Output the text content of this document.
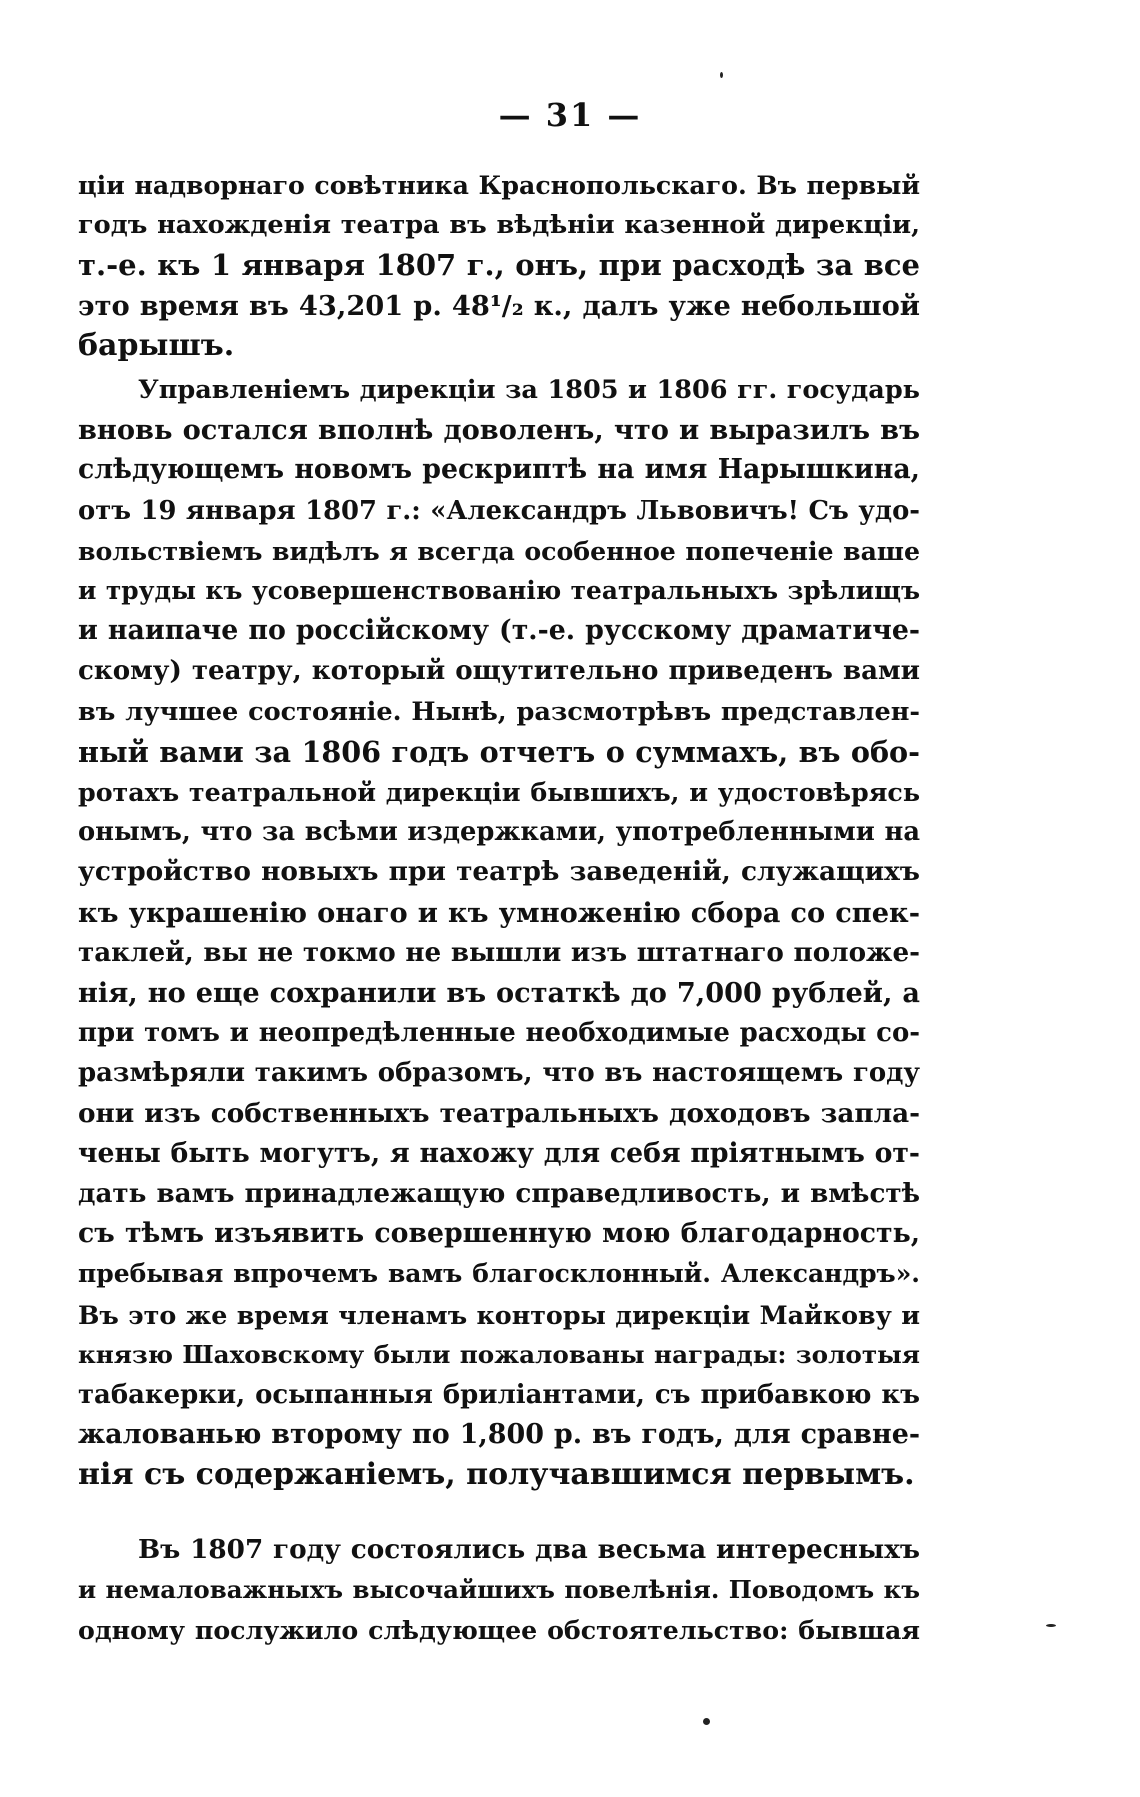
— 31 —
ціи надворнаго совѣтника Краснопольскаго. Въ первый
годъ нахожденія театра въ вѣдѣніи казенной дирекціи,
т.-е. къ 1 января 1807 г., онъ, при расходѣ за все
это время въ 43,201 р. 48¹/₂ к., далъ уже небольшой
барышъ.
Управленіемъ дирекціи за 1805 и 1806 гг. государь
вновь остался вполнѣ доволенъ, что и выразилъ въ
слѣдующемъ новомъ рескриптѣ на имя Нарышкина,
отъ 19 января 1807 г.: «Александръ Львовичъ! Съ удо-
вольствіемъ видѣлъ я всегда особенное попеченіе ваше
и труды къ усовершенствованію театральныхъ зрѣлищъ
и наипаче по россійскому (т.-е. русскому драматиче-
скому) театру, который ощутительно приведенъ вами
въ лучшее состояніе. Нынѣ, разсмотрѣвъ представлен-
ный вами за 1806 годъ отчетъ о суммахъ, въ обо-
ротахъ театральной дирекціи бывшихъ, и удостовѣрясь
онымъ, что за всѣми издержками, употребленными на
устройство новыхъ при театрѣ заведеній, служащихъ
къ украшенію онаго и къ умноженію сбора со спек-
таклей, вы не токмо не вышли изъ штатнаго положе-
нія, но еще сохранили въ остаткѣ до 7,000 рублей, а
при томъ и неопредѣленные необходимые расходы со-
размѣряли такимъ образомъ, что въ настоящемъ году
они изъ собственныхъ театральныхъ доходовъ запла-
чены быть могутъ, я нахожу для себя пріятнымъ от-
дать вамъ принадлежащую справедливость, и вмѣстѣ
съ тѣмъ изъявить совершенную мою благодарность,
пребывая впрочемъ вамъ благосклонный. Александръ».
Въ это же время членамъ конторы дирекціи Майкову и
князю Шаховскому были пожалованы награды: золотыя
табакерки, осыпанныя бриліантами, съ прибавкою къ
жалованью второму по 1,800 р. въ годъ, для сравне-
нія съ содержаніемъ, получавшимся первымъ.
Въ 1807 году состоялись два весьма интересныхъ
и немаловажныхъ высочайшихъ повелѣнія. Поводомъ къ
одному послужило слѣдующее обстоятельство: бывшая
